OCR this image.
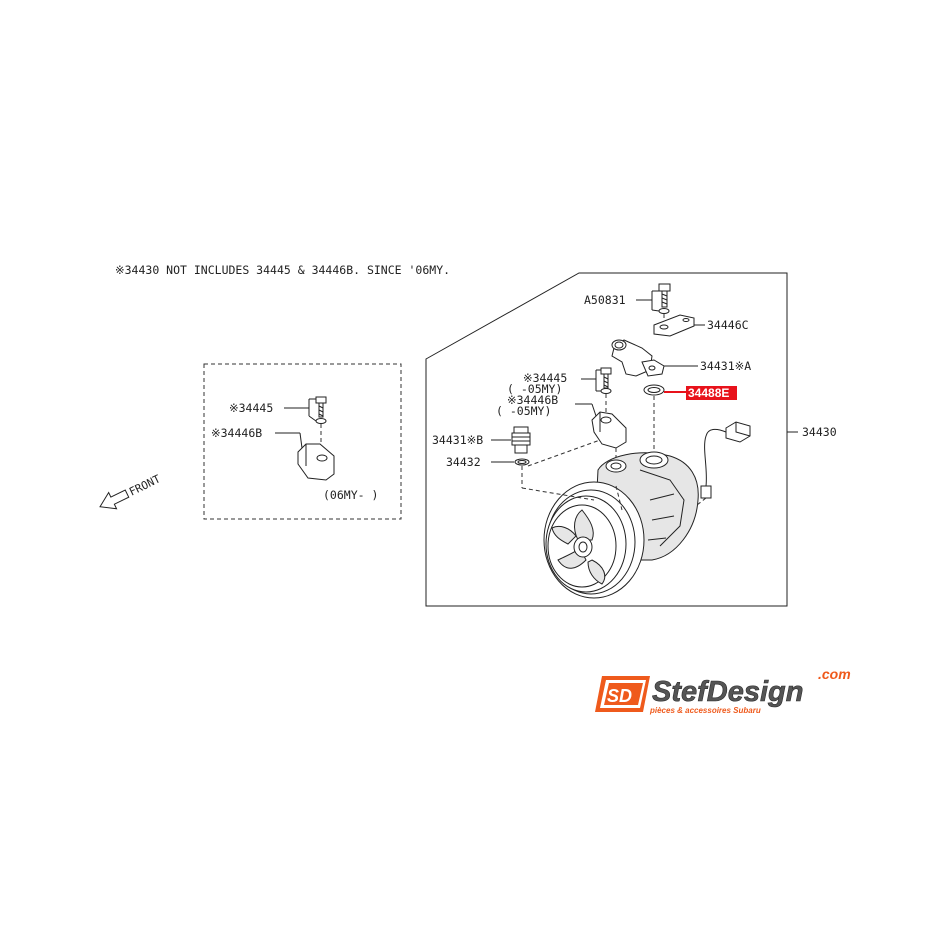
※34430 NOT INCLUDES 34445 & 34446B. SINCE '06MY.
※34445
※34446B
(06MY- )
FRONT
34430
A50831
34446C
34431※A
34488E
※34445
( -05MY)
※34446B
( -05MY)
34431※B
34432
SD StefDesign
.com
pièces & accessoires Subaru
